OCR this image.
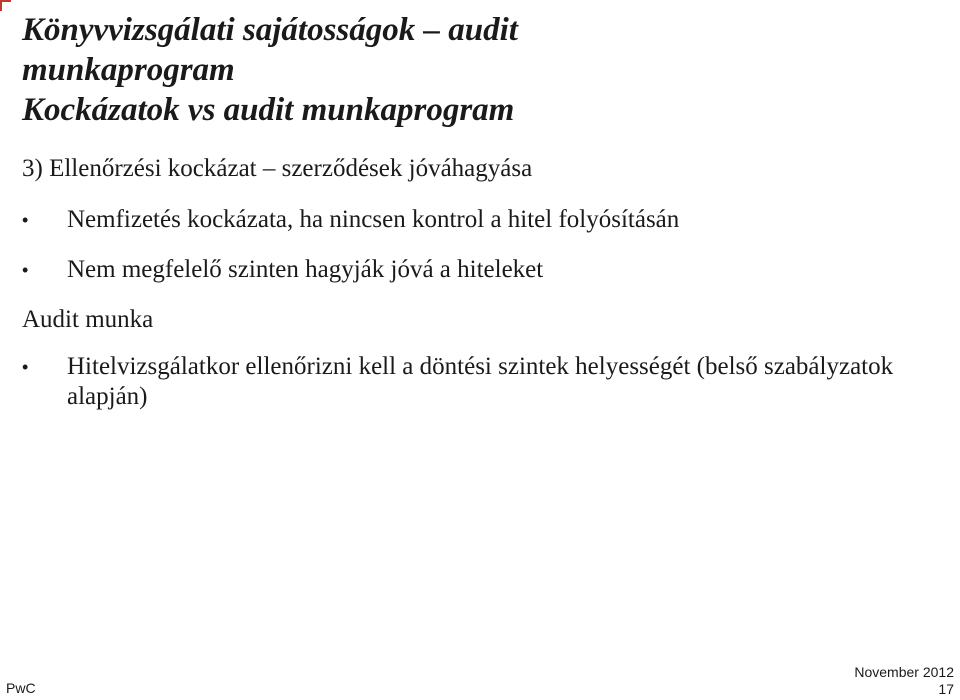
Könyvvizsgálati sajátosságok – audit
munkaprogram
Kockázatok vs audit munkaprogram
3) Ellenőrzési kockázat – szerződések jóváhagyása
• Nemfizetés kockázata, ha nincsen kontrol a hitel folyósításán
• Nem megfelelő szinten hagyják jóvá a hiteleket
Audit munka
• Hitelvizsgálatkor ellenőrizni kell a döntési szintek helyességét (belső szabályzatok alapján)
PwC
November 2012
17
